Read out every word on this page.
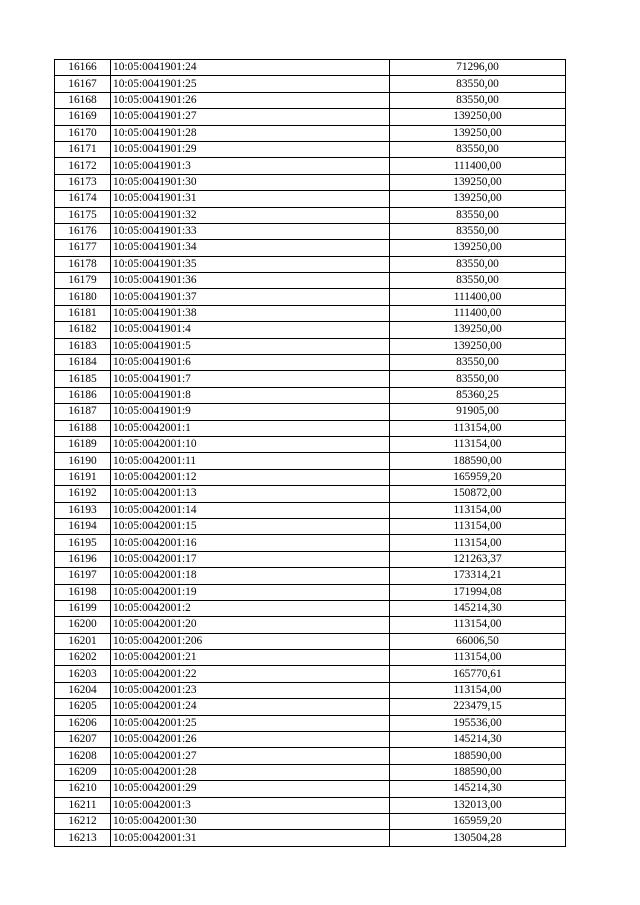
16166	10:05:0041901:24	71296,00
16167	10:05:0041901:25	83550,00
16168	10:05:0041901:26	83550,00
16169	10:05:0041901:27	139250,00
16170	10:05:0041901:28	139250,00
16171	10:05:0041901:29	83550,00
16172	10:05:0041901:3	111400,00
16173	10:05:0041901:30	139250,00
16174	10:05:0041901:31	139250,00
16175	10:05:0041901:32	83550,00
16176	10:05:0041901:33	83550,00
16177	10:05:0041901:34	139250,00
16178	10:05:0041901:35	83550,00
16179	10:05:0041901:36	83550,00
16180	10:05:0041901:37	111400,00
16181	10:05:0041901:38	111400,00
16182	10:05:0041901:4	139250,00
16183	10:05:0041901:5	139250,00
16184	10:05:0041901:6	83550,00
16185	10:05:0041901:7	83550,00
16186	10:05:0041901:8	85360,25
16187	10:05:0041901:9	91905,00
16188	10:05:0042001:1	113154,00
16189	10:05:0042001:10	113154,00
16190	10:05:0042001:11	188590,00
16191	10:05:0042001:12	165959,20
16192	10:05:0042001:13	150872,00
16193	10:05:0042001:14	113154,00
16194	10:05:0042001:15	113154,00
16195	10:05:0042001:16	113154,00
16196	10:05:0042001:17	121263,37
16197	10:05:0042001:18	173314,21
16198	10:05:0042001:19	171994,08
16199	10:05:0042001:2	145214,30
16200	10:05:0042001:20	113154,00
16201	10:05:0042001:206	66006,50
16202	10:05:0042001:21	113154,00
16203	10:05:0042001:22	165770,61
16204	10:05:0042001:23	113154,00
16205	10:05:0042001:24	223479,15
16206	10:05:0042001:25	195536,00
16207	10:05:0042001:26	145214,30
16208	10:05:0042001:27	188590,00
16209	10:05:0042001:28	188590,00
16210	10:05:0042001:29	145214,30
16211	10:05:0042001:3	132013,00
16212	10:05:0042001:30	165959,20
16213	10:05:0042001:31	130504,28
